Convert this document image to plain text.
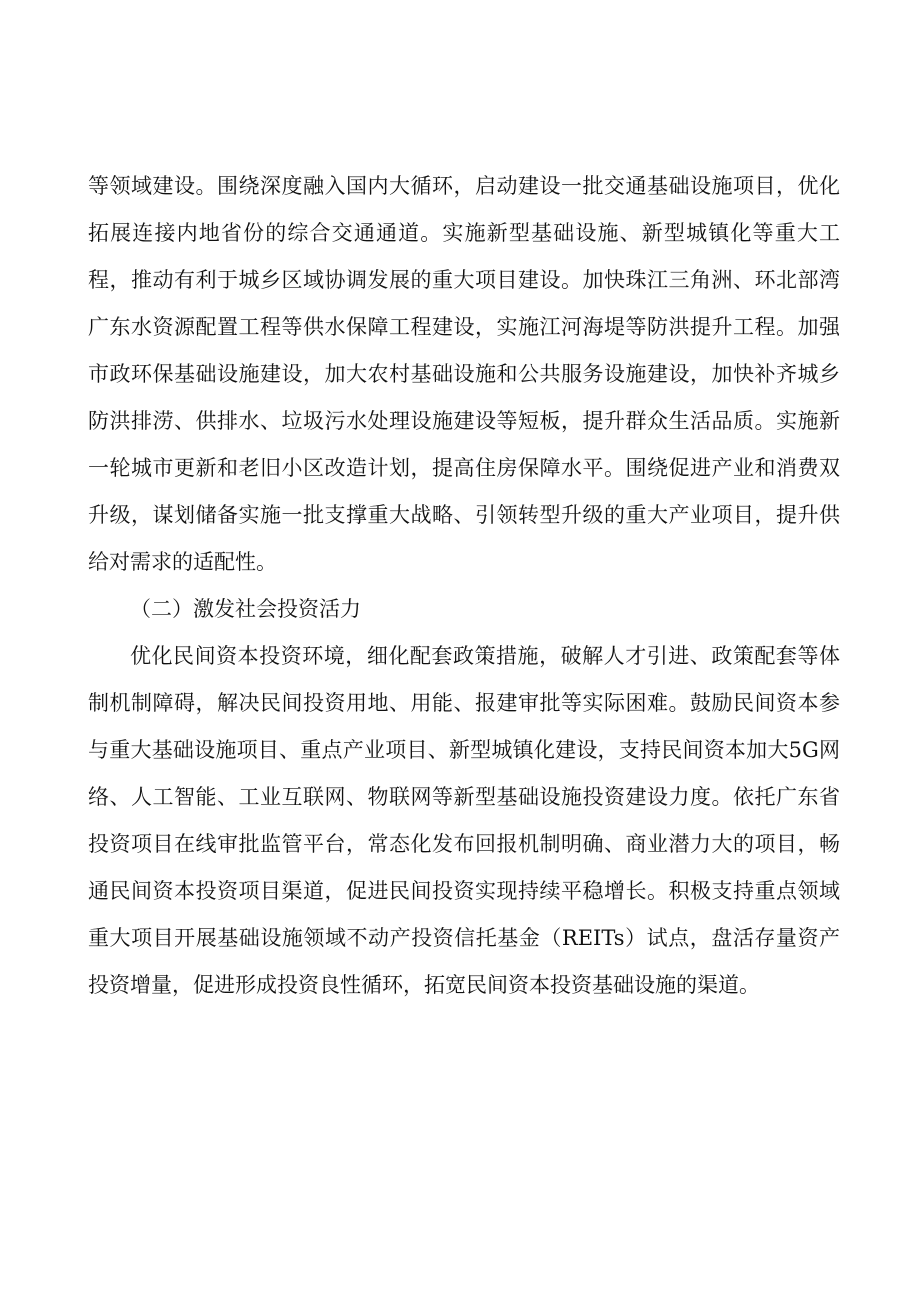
等领域建设。围绕深度融入国内大循环，启动建设一批交通基础设施项目，优化拓展连接内地省份的综合交通通道。实施新型基础设施、新型城镇化等重大工程，推动有利于城乡区域协调发展的重大项目建设。加快珠江三角洲、环北部湾广东水资源配置工程等供水保障工程建设，实施江河海堤等防洪提升工程。加强市政环保基础设施建设，加大农村基础设施和公共服务设施建设，加快补齐城乡防洪排涝、供排水、垃圾污水处理设施建设等短板，提升群众生活品质。实施新一轮城市更新和老旧小区改造计划，提高住房保障水平。围绕促进产业和消费双升级，谋划储备实施一批支撑重大战略、引领转型升级的重大产业项目，提升供给对需求的适配性。

（二）激发社会投资活力

优化民间资本投资环境，细化配套政策措施，破解人才引进、政策配套等体制机制障碍，解决民间投资用地、用能、报建审批等实际困难。鼓励民间资本参与重大基础设施项目、重点产业项目、新型城镇化建设，支持民间资本加大5G网络、人工智能、工业互联网、物联网等新型基础设施投资建设力度。依托广东省投资项目在线审批监管平台，常态化发布回报机制明确、商业潜力大的项目，畅通民间资本投资项目渠道，促进民间投资实现持续平稳增长。积极支持重点领域重大项目开展基础设施领域不动产投资信托基金（REITs）试点，盘活存量资产投资增量，促进形成投资良性循环，拓宽民间资本投资基础设施的渠道。
